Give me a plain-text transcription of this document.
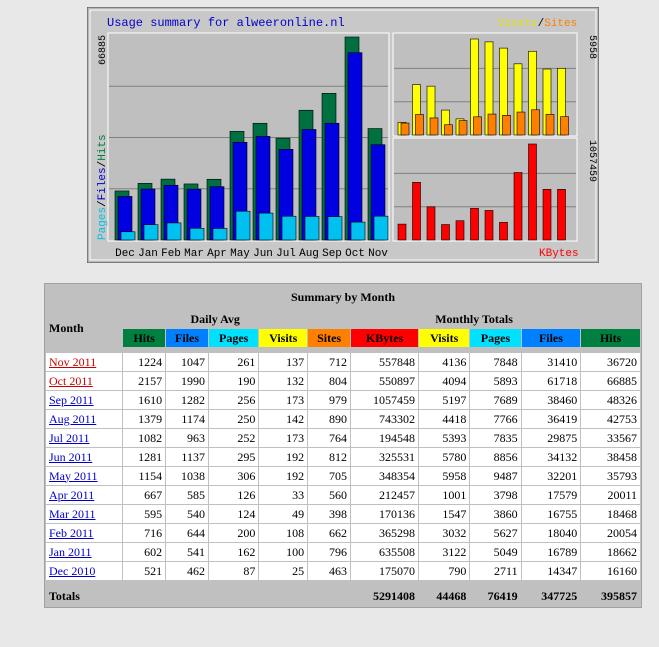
Usage summary for alweeronline.nl	Visits/Sites
Dec Jan Feb Mar Apr May Jun Jul Aug Sep Oct Nov
66885
Pages/Files/Hits
5958
1057459
KBytes
Summary by Month										
Month	Daily Avg				Monthly Totals					
	Hits	Files	Pages	Visits	Sites	KBytes	Visits	Pages	Files	Hits

Nov 2011	1224	1047	261	137	712	557848	4136	7848	31410	36720
Oct 2011	2157	1990	190	132	804	550897	4094	5893	61718	66885
Sep 2011	1610	1282	256	173	979	1057459	5197	7689	38460	48326
Aug 2011	1379	1174	250	142	890	743302	4418	7766	36419	42753
Jul 2011	1082	963	252	173	764	194548	5393	7835	29875	33567
Jun 2011	1281	1137	295	192	812	325531	5780	8856	34132	38458
May 2011	1154	1038	306	192	705	348354	5958	9487	32201	35793
Apr 2011	667	585	126	33	560	212457	1001	3798	17579	20011
Mar 2011	595	540	124	49	398	170136	1547	3860	16755	18468
Feb 2011	716	644	200	108	662	365298	3032	5627	18040	20054
Jan 2011	602	541	162	100	796	635508	3122	5049	16789	18662
Dec 2010	521	462	87	25	463	175070	790	2711	14347	16160

Totals						5291408	44468	76419	347725	395857
